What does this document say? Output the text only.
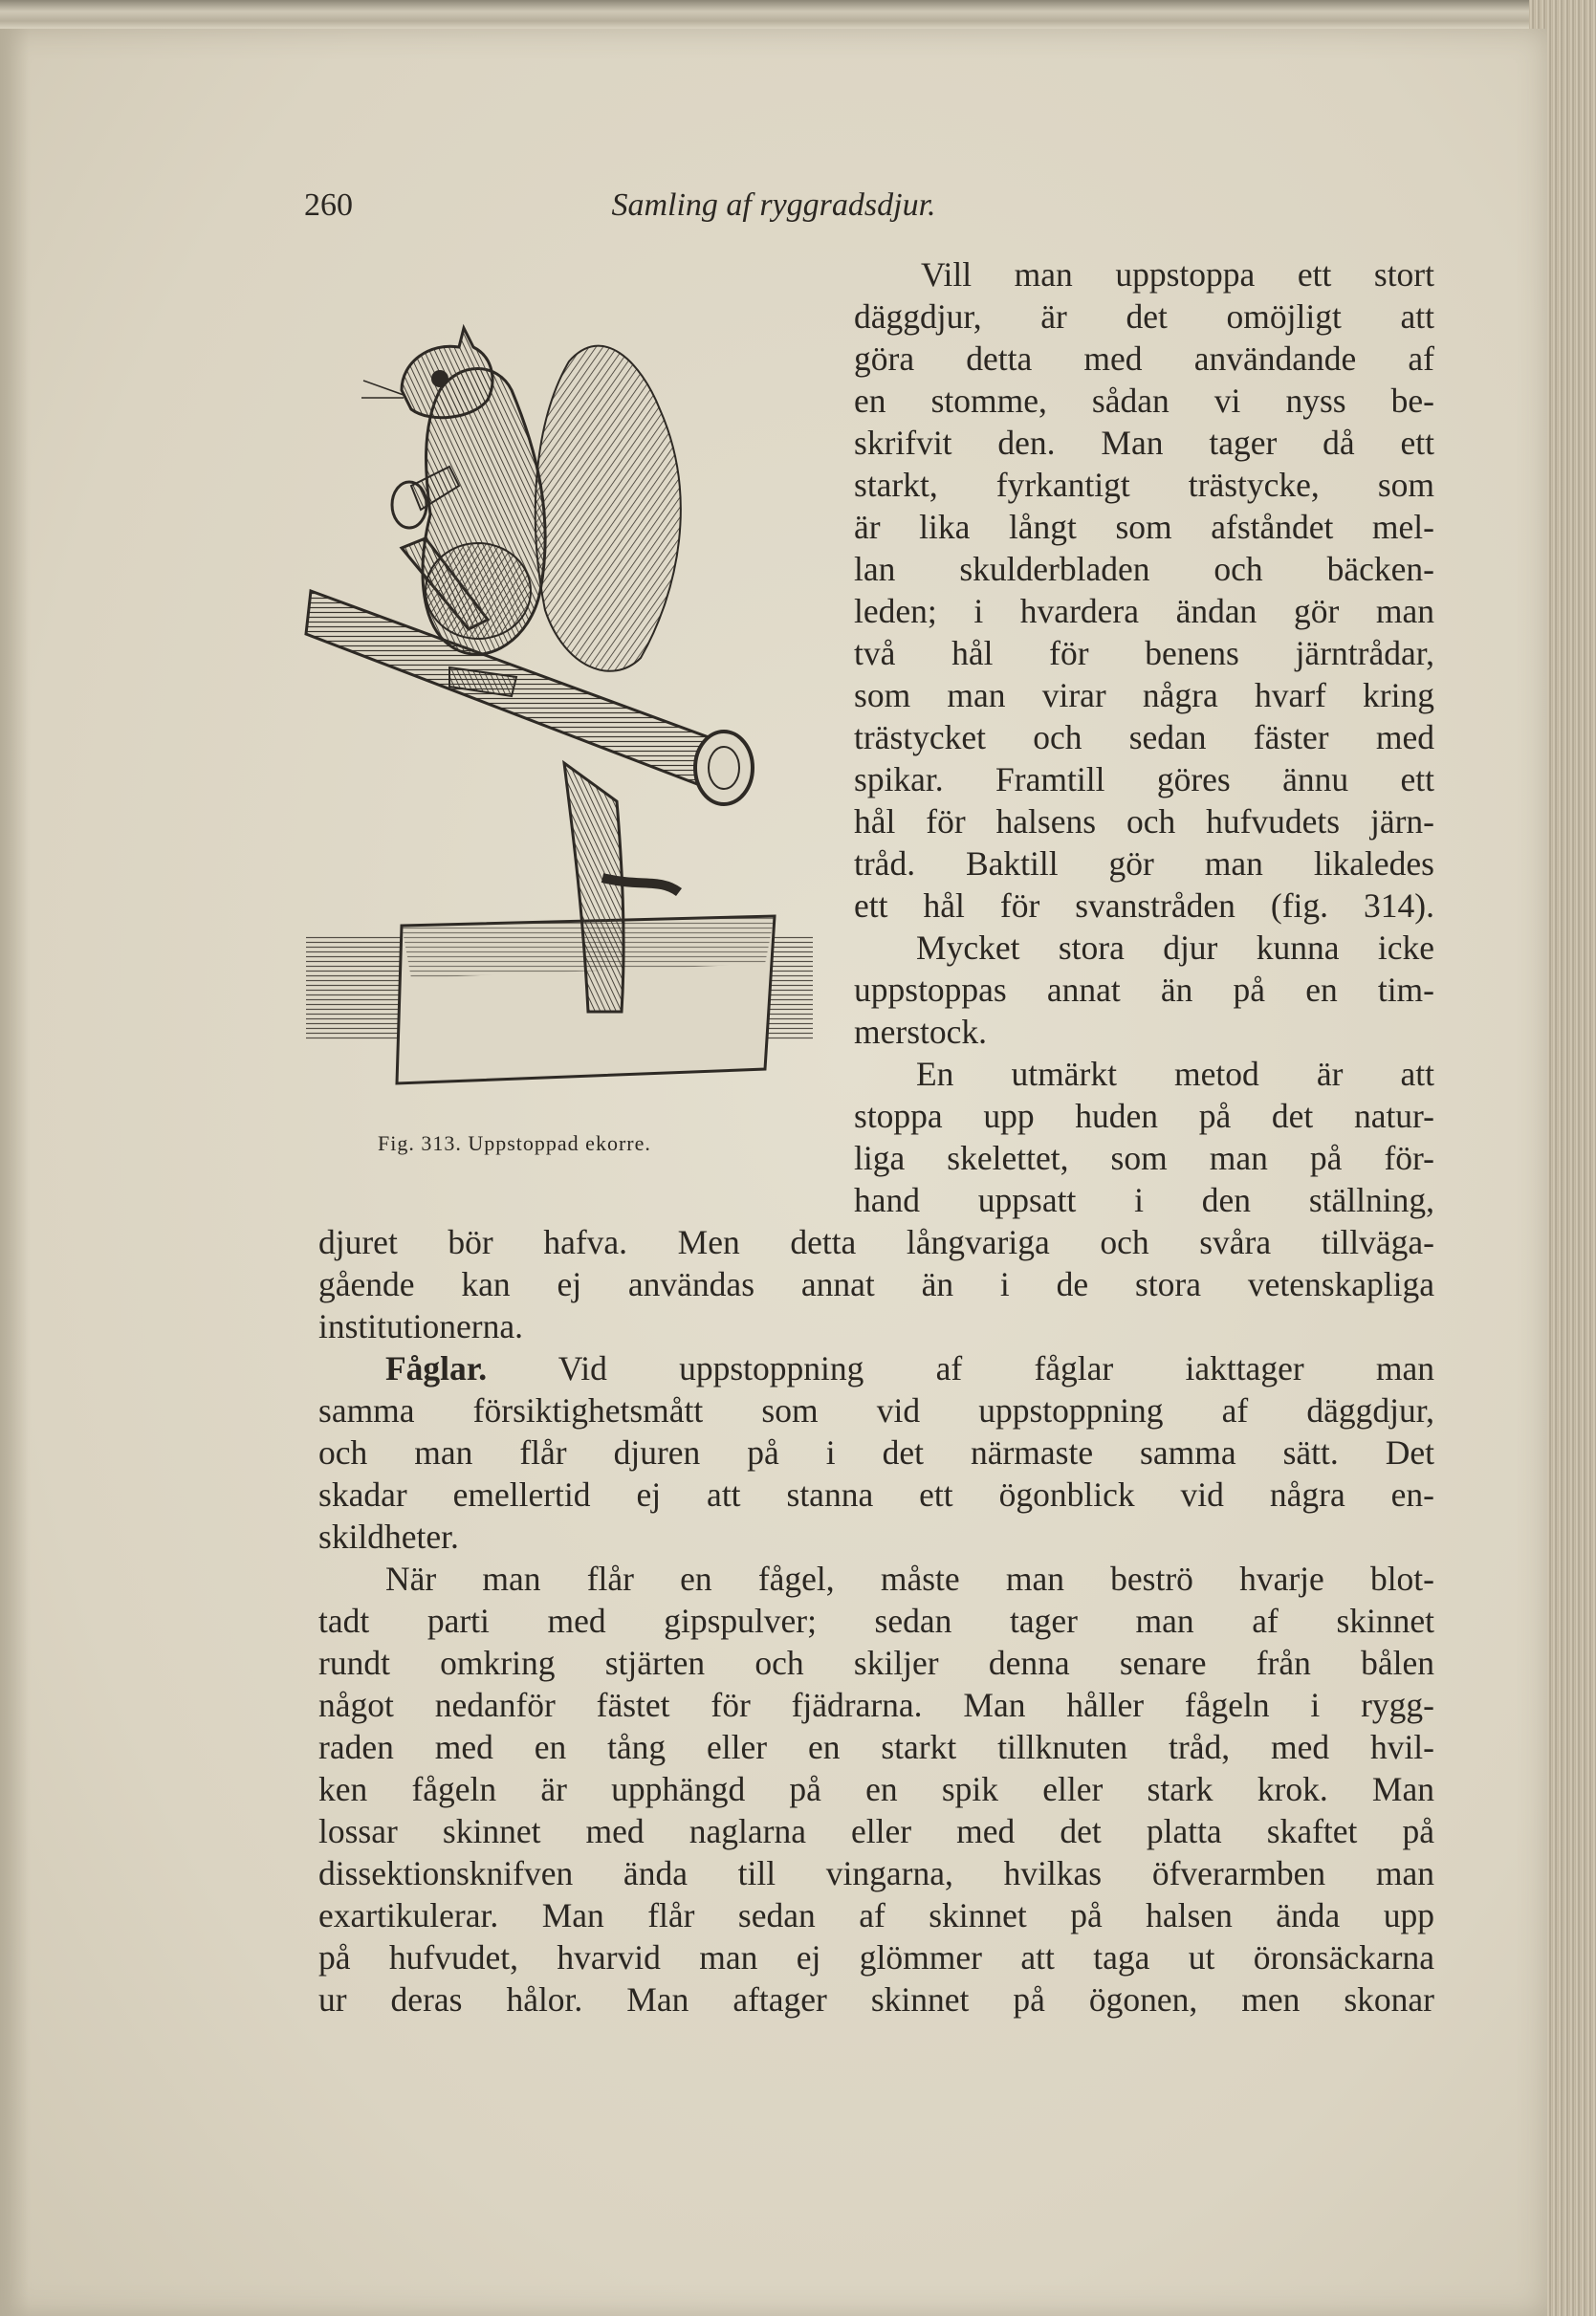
260	Samling af ryggradsdjur.
Fig. 313. Uppstoppad ekorre.
Vill man uppstoppa ett stort
däggdjur, är det omöjligt att
göra detta med användande af
en stomme, sådan vi nyss be-
skrifvit den. Man tager då ett
starkt, fyrkantigt trästycke, som
är lika långt som afståndet mel-
lan skulderbladen och bäcken-
leden; i hvardera ändan gör man
två hål för benens järntrådar,
som man virar några hvarf kring
trästycket och sedan fäster med
spikar. Framtill göres ännu ett
hål för halsens och hufvudets järn-
tråd. Baktill gör man likaledes
ett hål för svanstråden (fig. 314).
Mycket stora djur kunna icke
uppstoppas annat än på en tim-
merstock.
En utmärkt metod är att
stoppa upp huden på det natur-
liga skelettet, som man på för-
hand uppsatt i den ställning,
djuret bör hafva. Men detta långvariga och svåra tillväga-
gående kan ej användas annat än i de stora vetenskapliga
institutionerna.
Fåglar. Vid uppstoppning af fåglar iakttager man
samma försiktighetsmått som vid uppstoppning af däggdjur,
och man flår djuren på i det närmaste samma sätt. Det
skadar emellertid ej att stanna ett ögonblick vid några en-
skildheter.
När man flår en fågel, måste man beströ hvarje blot-
tadt parti med gipspulver; sedan tager man af skinnet
rundt omkring stjärten och skiljer denna senare från bålen
något nedanför fästet för fjädrarna. Man håller fågeln i rygg-
raden med en tång eller en starkt tillknuten tråd, med hvil-
ken fågeln är upphängd på en spik eller stark krok. Man
lossar skinnet med naglarna eller med det platta skaftet på
dissektionsknifven ända till vingarna, hvilkas öfverarmben man
exartikulerar. Man flår sedan af skinnet på halsen ända upp
på hufvudet, hvarvid man ej glömmer att taga ut öronsäckarna
ur deras hålor. Man aftager skinnet på ögonen, men skonar
